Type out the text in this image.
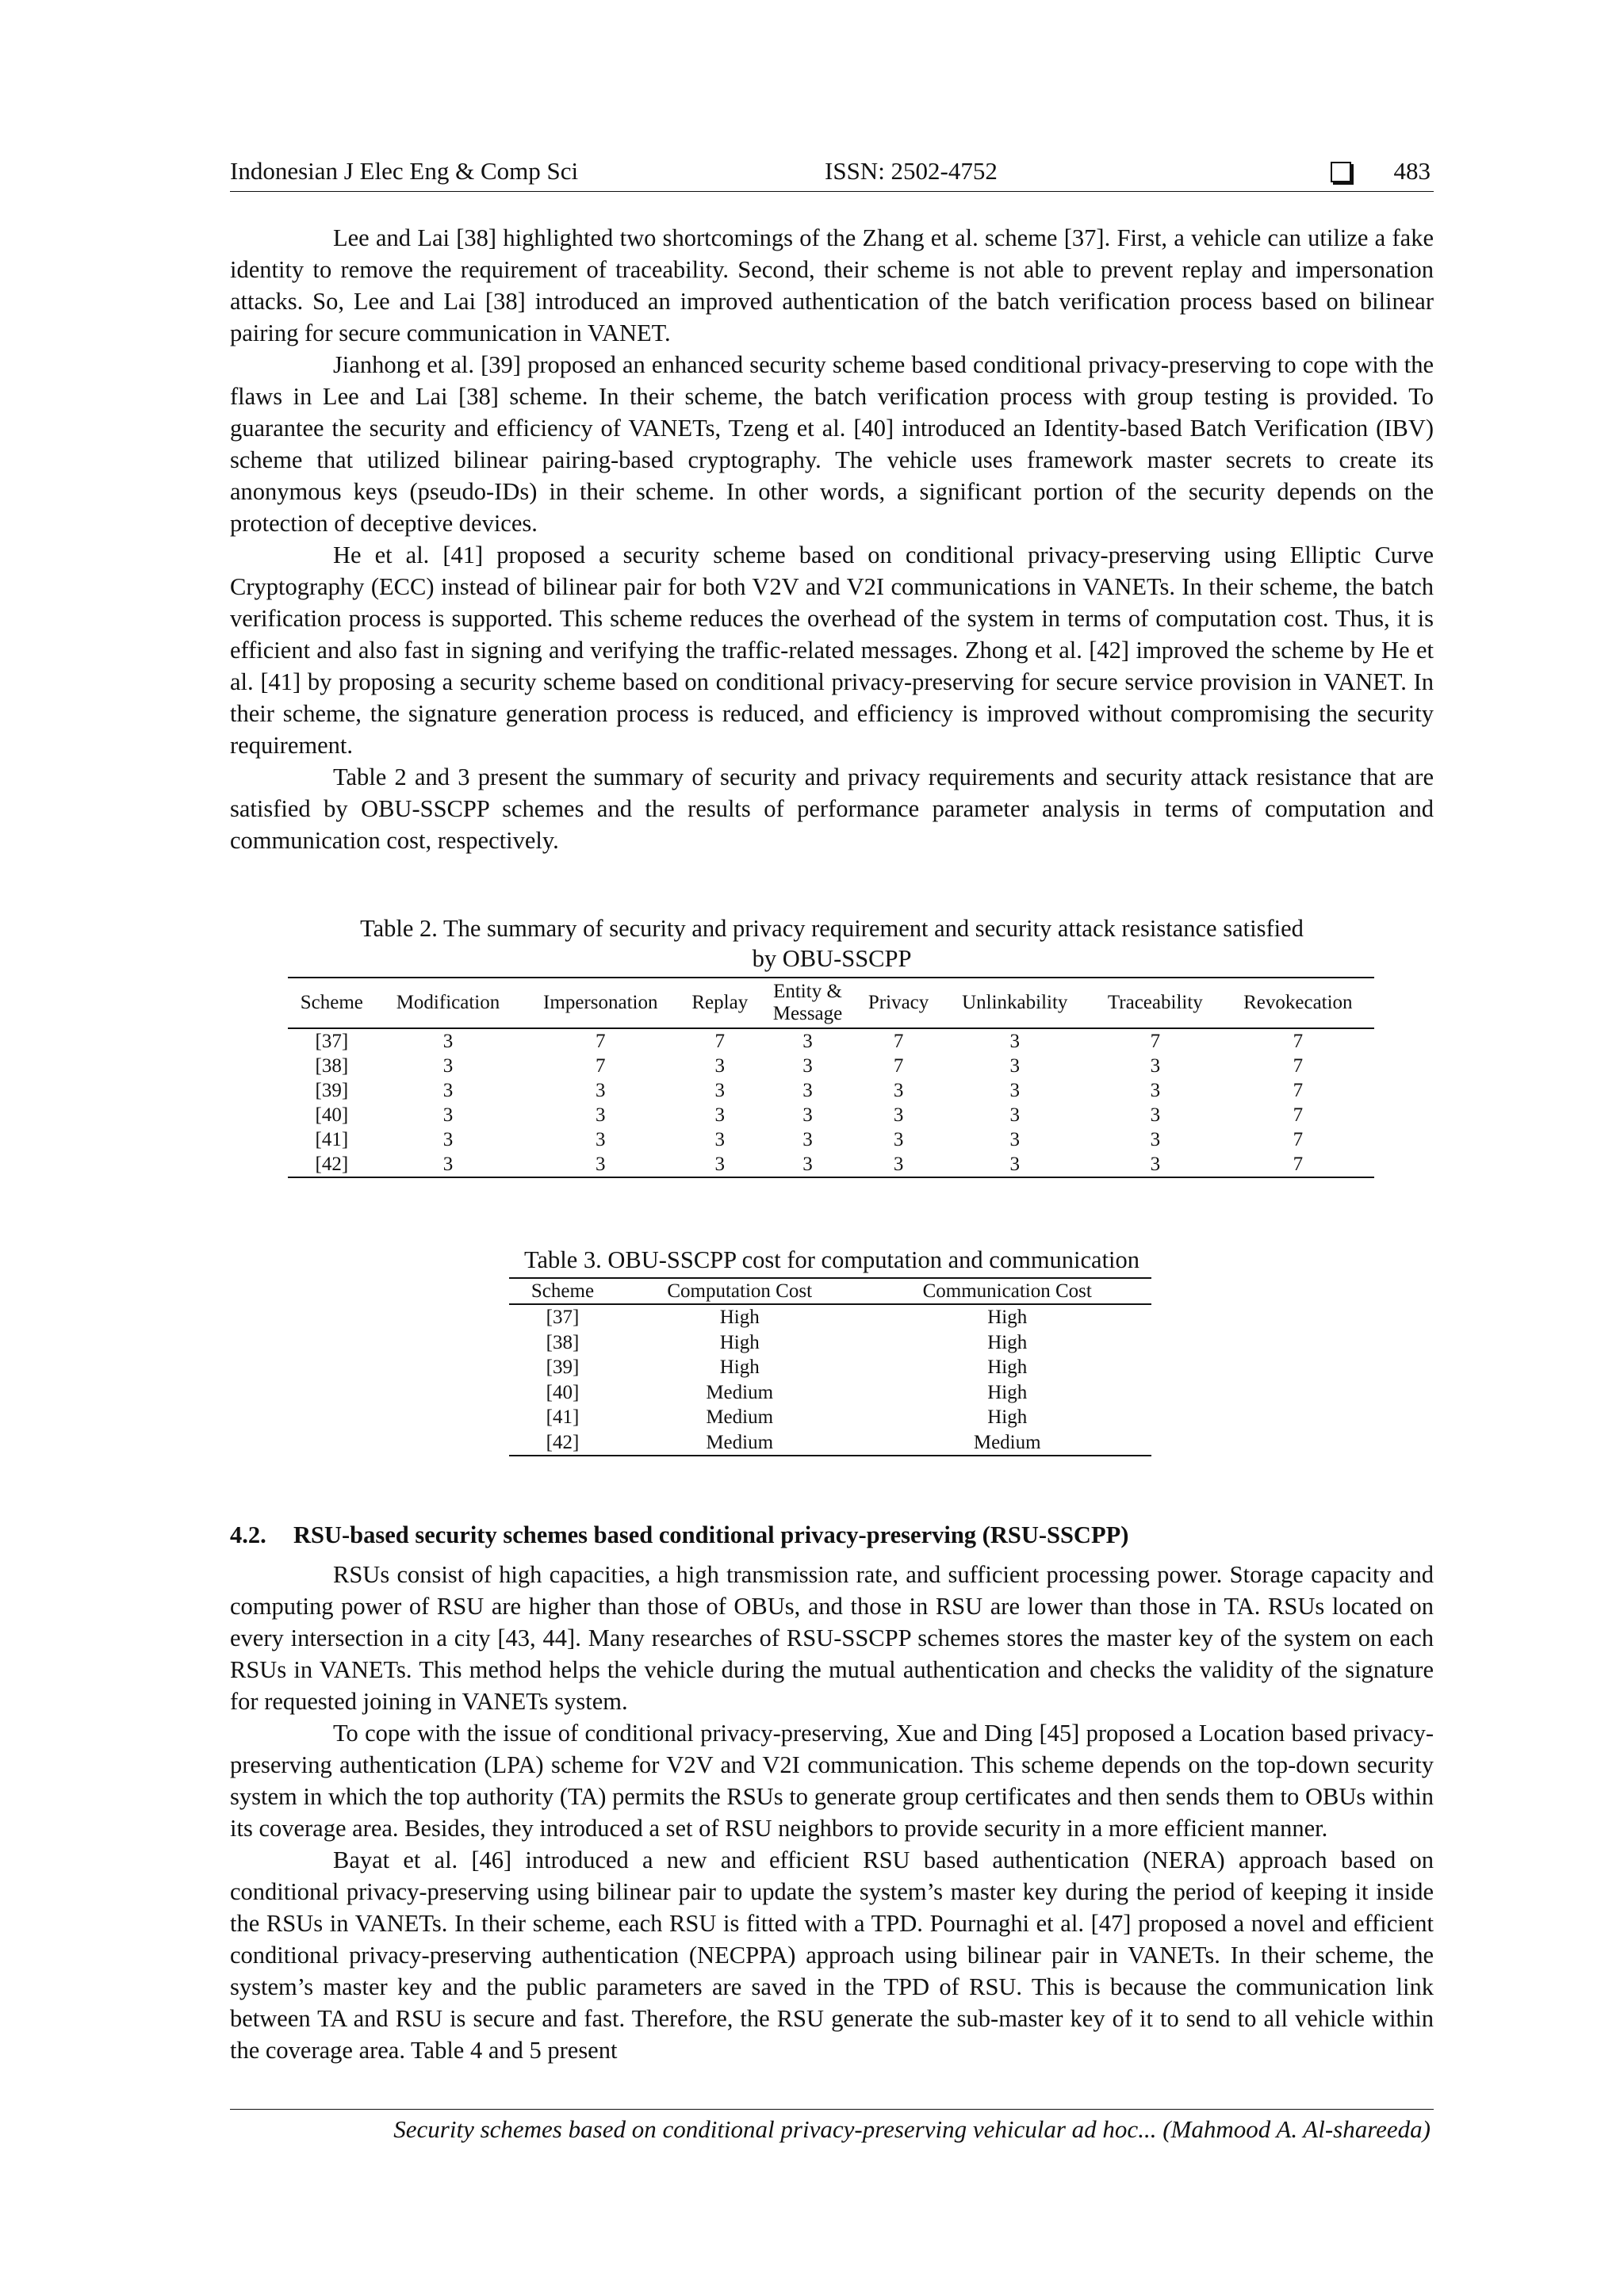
Indonesian J Elec Eng & Comp Sci	ISSN: 2502-4752	483

Lee and Lai [38] highlighted two shortcomings of the Zhang et al. scheme [37]. First, a vehicle can utilize a fake identity to remove the requirement of traceability. Second, their scheme is not able to prevent replay and impersonation attacks. So, Lee and Lai [38] introduced an improved authentication of the batch verification process based on bilinear pairing for secure communication in VANET.

Jianhong et al. [39] proposed an enhanced security scheme based conditional privacy-preserving to cope with the flaws in Lee and Lai [38] scheme. In their scheme, the batch verification process with group testing is provided. To guarantee the security and efficiency of VANETs, Tzeng et al. [40] introduced an Identity-based Batch Verification (IBV) scheme that utilized bilinear pairing-based cryptography. The vehicle uses framework master secrets to create its anonymous keys (pseudo-IDs) in their scheme. In other words, a significant portion of the security depends on the protection of deceptive devices.

He et al. [41] proposed a security scheme based on conditional privacy-preserving using Elliptic Curve Cryptography (ECC) instead of bilinear pair for both V2V and V2I communications in VANETs. In their scheme, the batch verification process is supported. This scheme reduces the overhead of the system in terms of computation cost. Thus, it is efficient and also fast in signing and verifying the traffic-related messages. Zhong et al. [42] improved the scheme by He et al. [41] by proposing a security scheme based on conditional privacy-preserving for secure service provision in VANET. In their scheme, the signature generation process is reduced, and efficiency is improved without compromising the security requirement.

Table 2 and 3 present the summary of security and privacy requirements and security attack resistance that are satisfied by OBU-SSCPP schemes and the results of performance parameter analysis in terms of computation and communication cost, respectively.

Table 2. The summary of security and privacy requirement and security attack resistance satisfied
by OBU-SSCPP
Scheme	Modification	Impersonation	Replay	Entity &
Message	Privacy	Unlinkability	Traceability	Revokecation
[37]	3	7	7	3	7	3	7	7
[38]	3	7	3	3	7	3	3	7
[39]	3	3	3	3	3	3	3	7
[40]	3	3	3	3	3	3	3	7
[41]	3	3	3	3	3	3	3	7
[42]	3	3	3	3	3	3	3	7
Table 3. OBU-SSCPP cost for computation and communication
Scheme	Computation Cost	Communication Cost
[37]	High	High
[38]	High	High
[39]	High	High
[40]	Medium	High
[41]	Medium	High
[42]	Medium	Medium
4.2. RSU-based security schemes based conditional privacy-preserving (RSU-SSCPP)

RSUs consist of high capacities, a high transmission rate, and sufficient processing power. Storage capacity and computing power of RSU are higher than those of OBUs, and those in RSU are lower than those in TA. RSUs located on every intersection in a city [43, 44]. Many researches of RSU-SSCPP schemes stores the master key of the system on each RSUs in VANETs. This method helps the vehicle during the mutual authentication and checks the validity of the signature for requested joining in VANETs system.

To cope with the issue of conditional privacy-preserving, Xue and Ding [45] proposed a Location based privacy-preserving authentication (LPA) scheme for V2V and V2I communication. This scheme depends on the top-down security system in which the top authority (TA) permits the RSUs to generate group certificates and then sends them to OBUs within its coverage area. Besides, they introduced a set of RSU neighbors to provide security in a more efficient manner.

Bayat et al. [46] introduced a new and efficient RSU based authentication (NERA) approach based on conditional privacy-preserving using bilinear pair to update the system’s master key during the period of keeping it inside the RSUs in VANETs. In their scheme, each RSU is fitted with a TPD. Pournaghi et al. [47] proposed a novel and efficient conditional privacy-preserving authentication (NECPPA) approach using bilinear pair in VANETs. In their scheme, the system’s master key and the public parameters are saved in the TPD of RSU. This is because the communication link between TA and RSU is secure and fast. Therefore, the RSU generate the sub-master key of it to send to all vehicle within the coverage area. Table 4 and 5 present

Security schemes based on conditional privacy-preserving vehicular ad hoc... (Mahmood A. Al-shareeda)
